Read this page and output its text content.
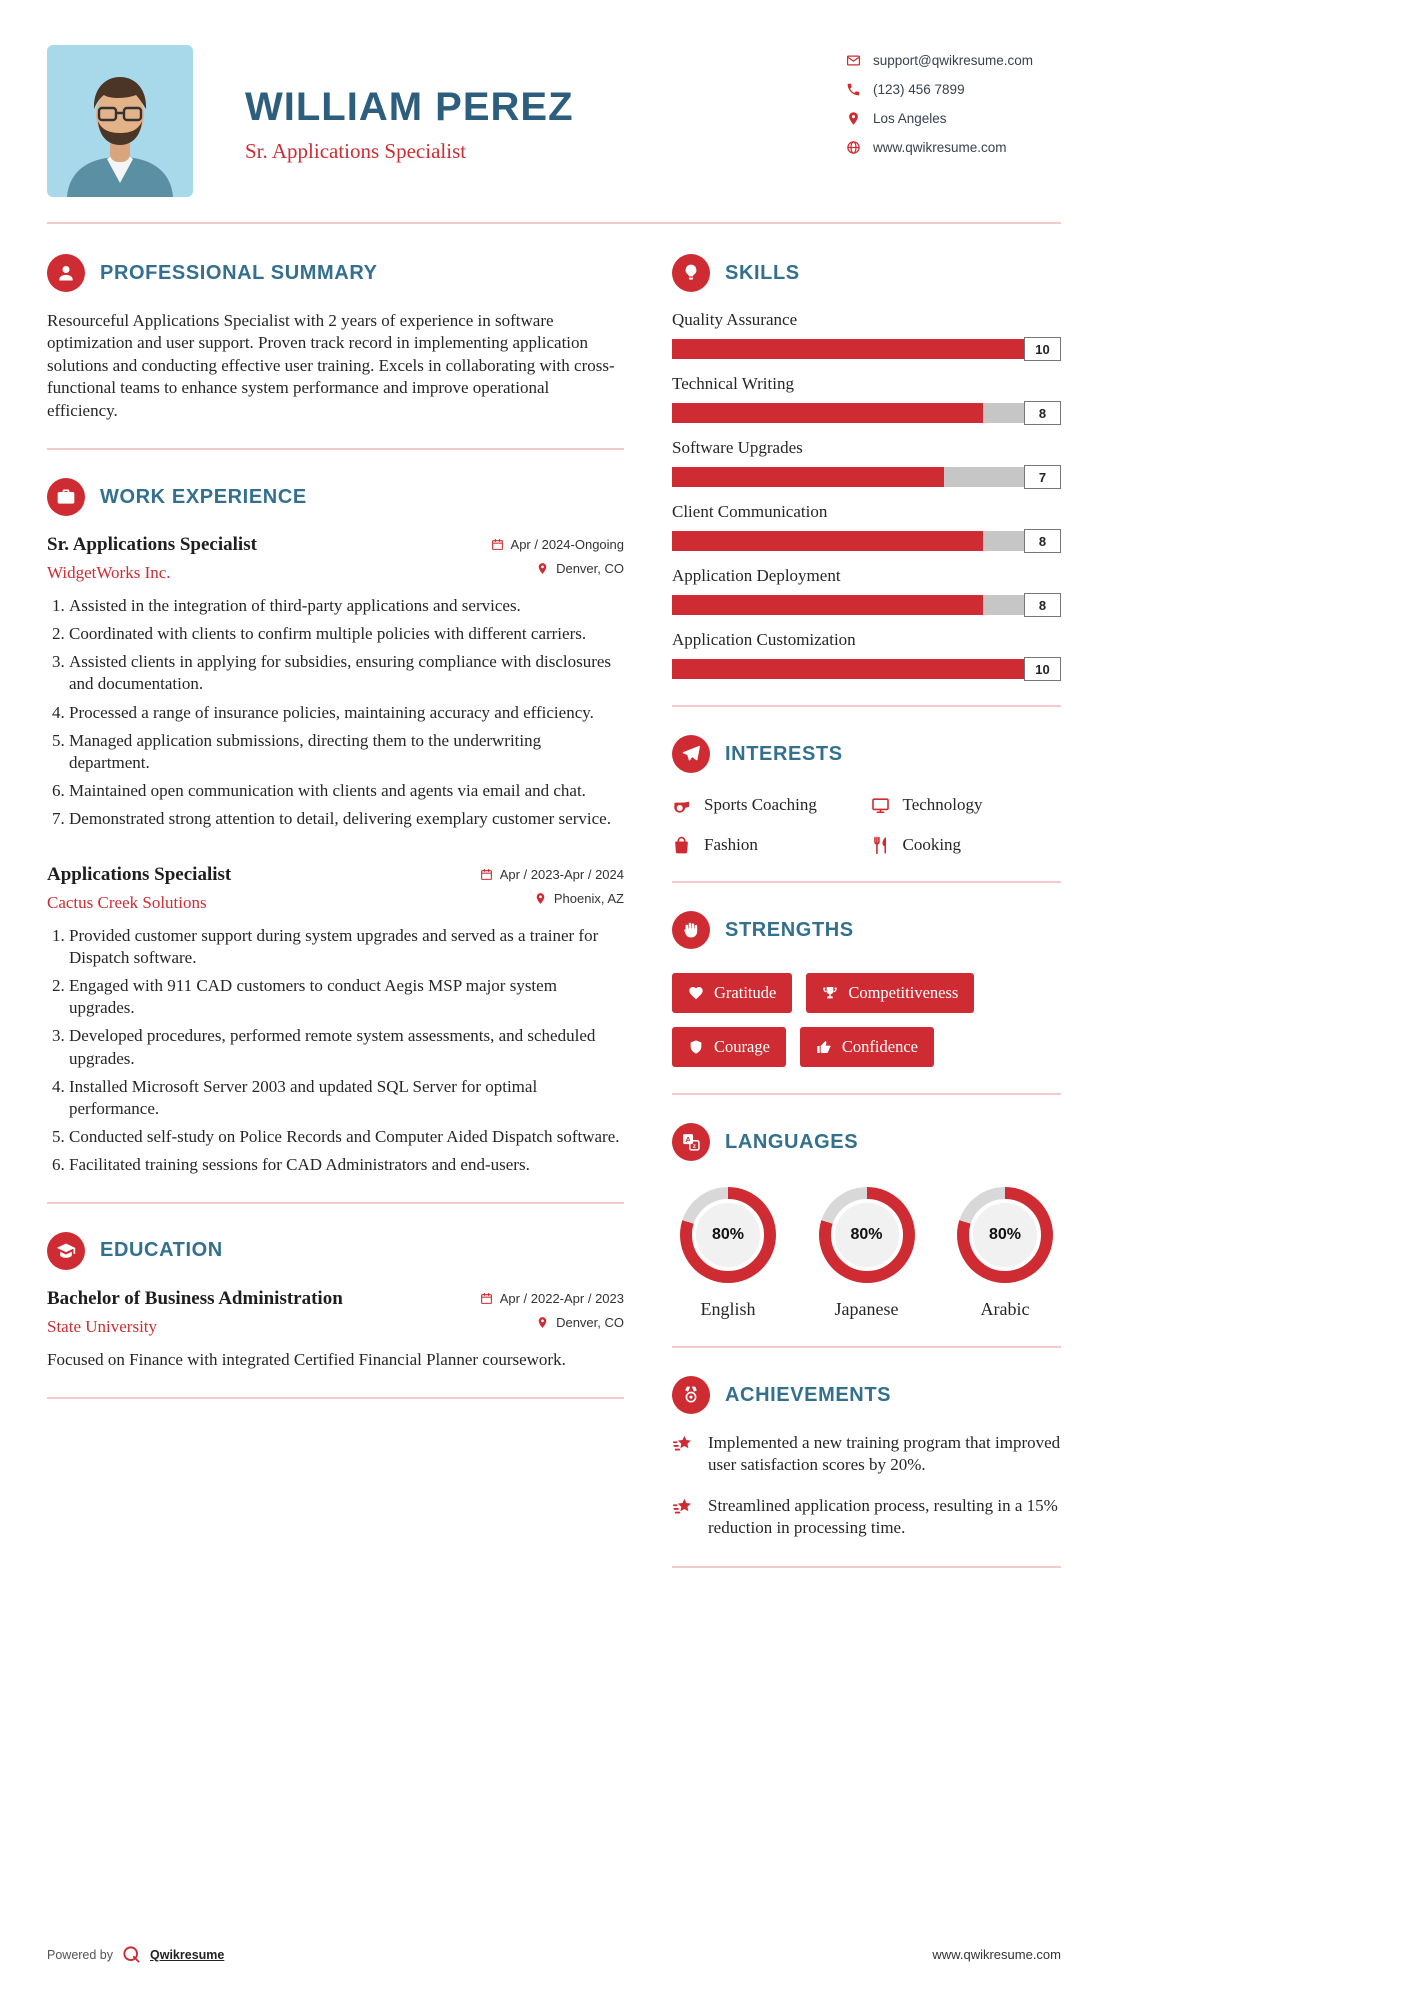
WILLIAM PEREZ
Sr. Applications Specialist
support@qwikresume.com
(123) 456 7899
Los Angeles
www.qwikresume.com
PROFESSIONAL SUMMARY

Resourceful Applications Specialist with 2 years of experience in software optimization and user support. Proven track record in implementing application solutions and conducting effective user training. Excels in collaborating with cross-functional teams to enhance system performance and improve operational efficiency.

WORK EXPERIENCE
Sr. Applications Specialist
WidgetWorks Inc.
Apr / 2024-Ongoing
Denver, CO
1. Assisted in the integration of third-party applications and services.
2. Coordinated with clients to confirm multiple policies with different carriers.
3. Assisted clients in applying for subsidies, ensuring compliance with disclosures and documentation.
4. Processed a range of insurance policies, maintaining accuracy and efficiency.
5. Managed application submissions, directing them to the underwriting department.
6. Maintained open communication with clients and agents via email and chat.
7. Demonstrated strong attention to detail, delivering exemplary customer service.
Applications Specialist
Cactus Creek Solutions
Apr / 2023-Apr / 2024
Phoenix, AZ
1. Provided customer support during system upgrades and served as a trainer for Dispatch software.
2. Engaged with 911 CAD customers to conduct Aegis MSP major system upgrades.
3. Developed procedures, performed remote system assessments, and scheduled upgrades.
4. Installed Microsoft Server 2003 and updated SQL Server for optimal performance.
5. Conducted self-study on Police Records and Computer Aided Dispatch software.
6. Facilitated training sessions for CAD Administrators and end-users.
EDUCATION
Bachelor of Business Administration
State University
Apr / 2022-Apr / 2023
Denver, CO

Focused on Finance with integrated Certified Financial Planner coursework.

SKILLS
Quality Assurance
10
Technical Writing
8
Software Upgrades
7
Client Communication
8
Application Deployment
8
Application Customization
10
INTERESTS
Sports Coaching	Technology
Fashion	Cooking
STRENGTHS
Gratitude	Competitiveness
Courage	Confidence
LANGUAGES
80%
English
80%
Japanese
80%
Arabic
ACHIEVEMENTS

Implemented a new training program that improved user satisfaction scores by 20%.

Streamlined application process, resulting in a 15% reduction in processing time.

Powered by	Qwikresume	www.qwikresume.com
